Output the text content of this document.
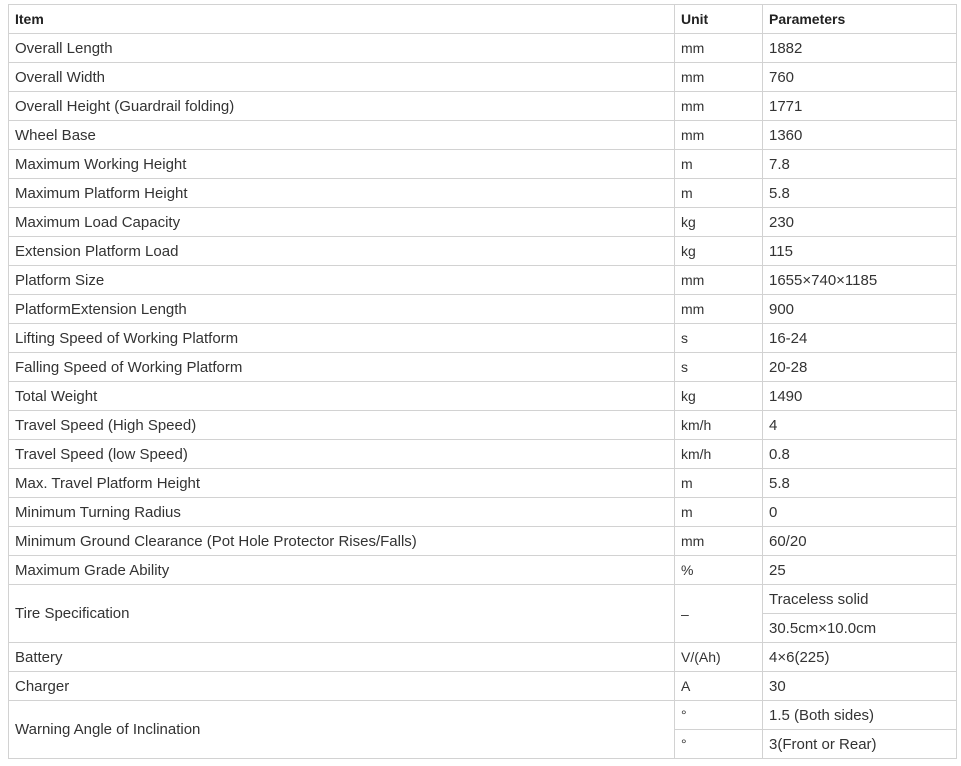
Item	Unit	Parameters
Overall Length	mm	1882
Overall Width	mm	760
Overall Height (Guardrail folding)	mm	1771
Wheel Base	mm	1360
Maximum Working Height	m	7.8
Maximum Platform Height	m	5.8
Maximum Load Capacity	kg	230
Extension Platform Load	kg	115
Platform Size	mm	1655×740×1185
PlatformExtension Length	mm	900
Lifting Speed of Working Platform	s	16-24
Falling Speed of Working Platform	s	20-28
Total Weight	kg	1490
Travel Speed (High Speed)	km/h	4
Travel Speed (low Speed)	km/h	0.8
Max. Travel Platform Height	m	5.8
Minimum Turning Radius	m	0
Minimum Ground Clearance (Pot Hole Protector Rises/Falls)	mm	60/20
Maximum Grade Ability	%	25
Tire Specification	–	Traceless solid
		30.5cm×10.0cm
Battery	V/(Ah)	4×6(225)
Charger	A	30
Warning Angle of Inclination	°	1.5 (Both sides)
	°	3(Front or Rear)
